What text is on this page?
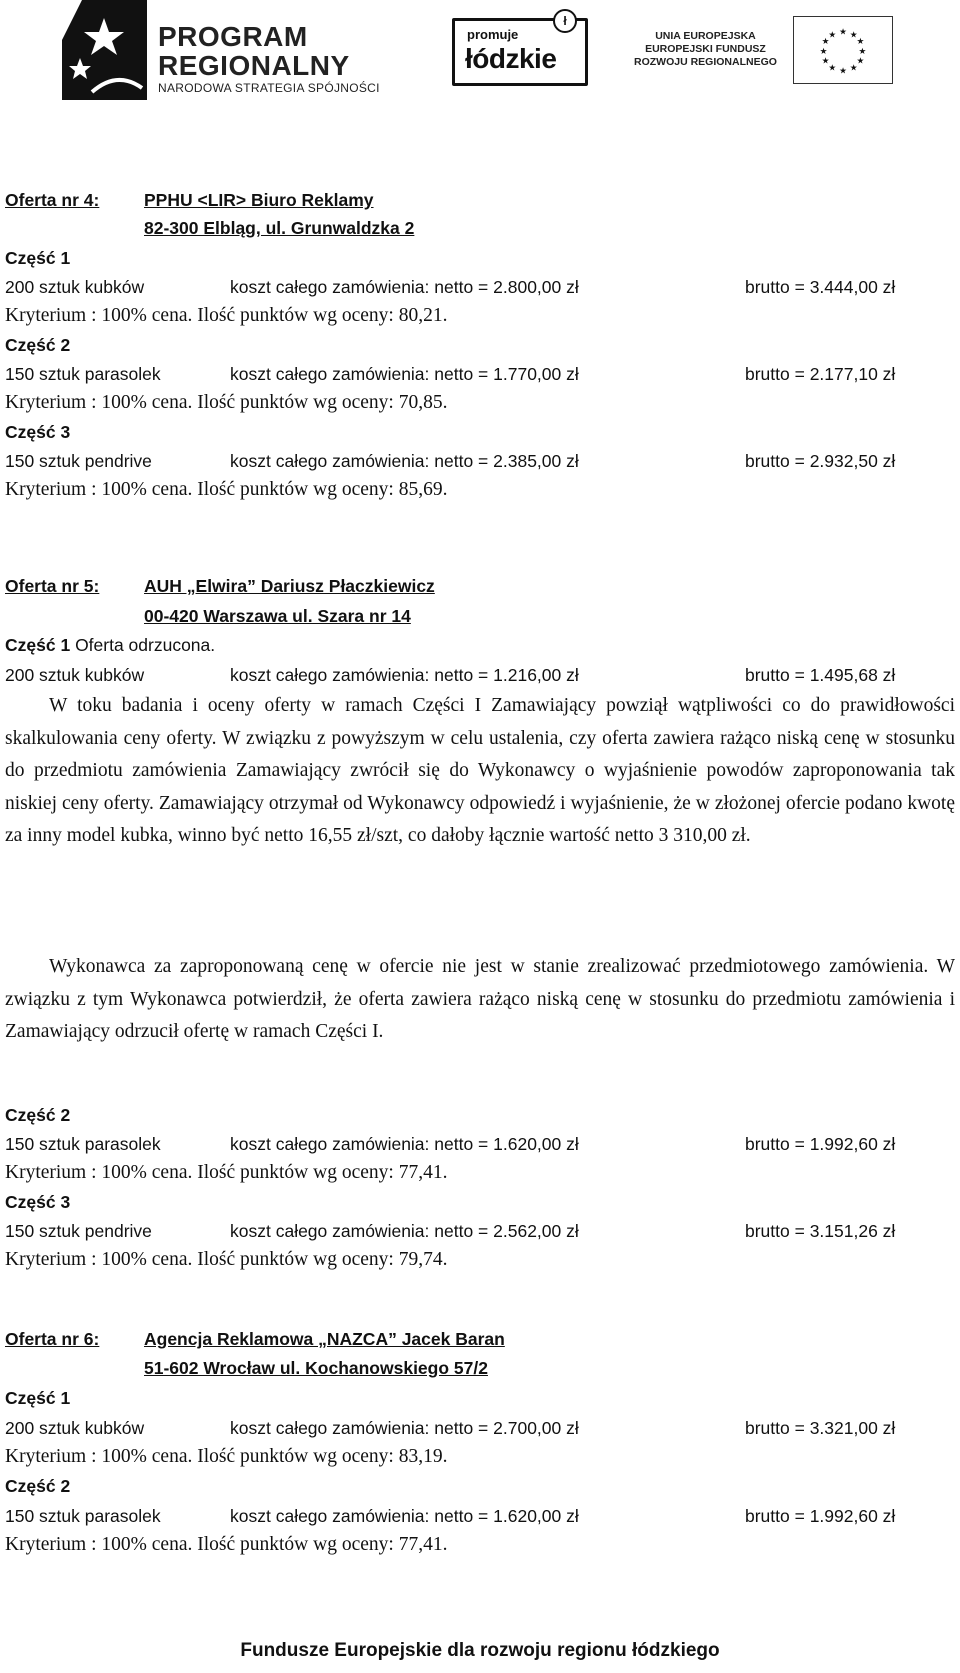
PROGRAM
REGIONALNY
NARODOWA STRATEGIA SPÓJNOŚCI
promuje
łódzkie
ł
UNIA EUROPEJSKA
EUROPEJSKI FUNDUSZ
ROZWOJU REGIONALNEGO
★ ★
★
★
★
★
★
★
★
★
★
★
Oferta nr 4:	PPHU <LIR> Biuro Reklamy
82-300 Elbląg, ul. Grunwaldzka 2
Część 1
200 sztuk kubków	koszt całego zamówienia: netto = 2.800,00 zł	brutto = 3.444,00 zł
Kryterium : 100% cena. Ilość punktów wg oceny: 80,21.
Część 2
150 sztuk parasolek	koszt całego zamówienia: netto = 1.770,00 zł	brutto = 2.177,10 zł
Kryterium : 100% cena. Ilość punktów wg oceny: 70,85.
Część 3
150 sztuk pendrive	koszt całego zamówienia: netto = 2.385,00 zł	brutto = 2.932,50 zł
Kryterium : 100% cena. Ilość punktów wg oceny: 85,69.
Oferta nr 5:	AUH „Elwira” Dariusz Płaczkiewicz
00-420 Warszawa ul. Szara nr 14
Część 1 Oferta odrzucona.
200 sztuk kubków	koszt całego zamówienia: netto = 1.216,00 zł	brutto = 1.495,68 zł
W toku badania i oceny oferty w ramach Części I Zamawiający powziął wątpliwości co do prawidłowości skalkulowania ceny oferty. W związku z powyższym w celu ustalenia, czy oferta zawiera rażąco niską cenę w stosunku do przedmiotu zamówienia Zamawiający zwrócił się do Wykonawcy o wyjaśnienie powodów zaproponowania tak niskiej ceny oferty. Zamawiający otrzymał od Wykonawcy odpowiedź i wyjaśnienie, że w złożonej ofercie podano kwotę za inny model kubka, winno być netto 16,55 zł/szt, co dałoby łącznie wartość netto 3 310,00 zł.
Wykonawca za zaproponowaną cenę w ofercie nie jest w stanie zrealizować przedmiotowego zamówienia. W związku z tym Wykonawca potwierdził, że oferta zawiera rażąco niską cenę w stosunku do przedmiotu zamówienia i Zamawiający odrzucił ofertę w ramach Części I.
Część 2
150 sztuk parasolek	koszt całego zamówienia: netto = 1.620,00 zł	brutto = 1.992,60 zł
Kryterium : 100% cena. Ilość punktów wg oceny: 77,41.
Część 3
150 sztuk pendrive	koszt całego zamówienia: netto = 2.562,00 zł	brutto = 3.151,26 zł
Kryterium : 100% cena. Ilość punktów wg oceny: 79,74.
Oferta nr 6:	Agencja Reklamowa „NAZCA” Jacek Baran
51-602 Wrocław ul. Kochanowskiego 57/2
Część 1
200 sztuk kubków	koszt całego zamówienia: netto = 2.700,00 zł	brutto = 3.321,00 zł
Kryterium : 100% cena. Ilość punktów wg oceny: 83,19.
Część 2
150 sztuk parasolek	koszt całego zamówienia: netto = 1.620,00 zł	brutto = 1.992,60 zł
Kryterium : 100% cena. Ilość punktów wg oceny: 77,41.
Fundusze Europejskie dla rozwoju regionu łódzkiego
